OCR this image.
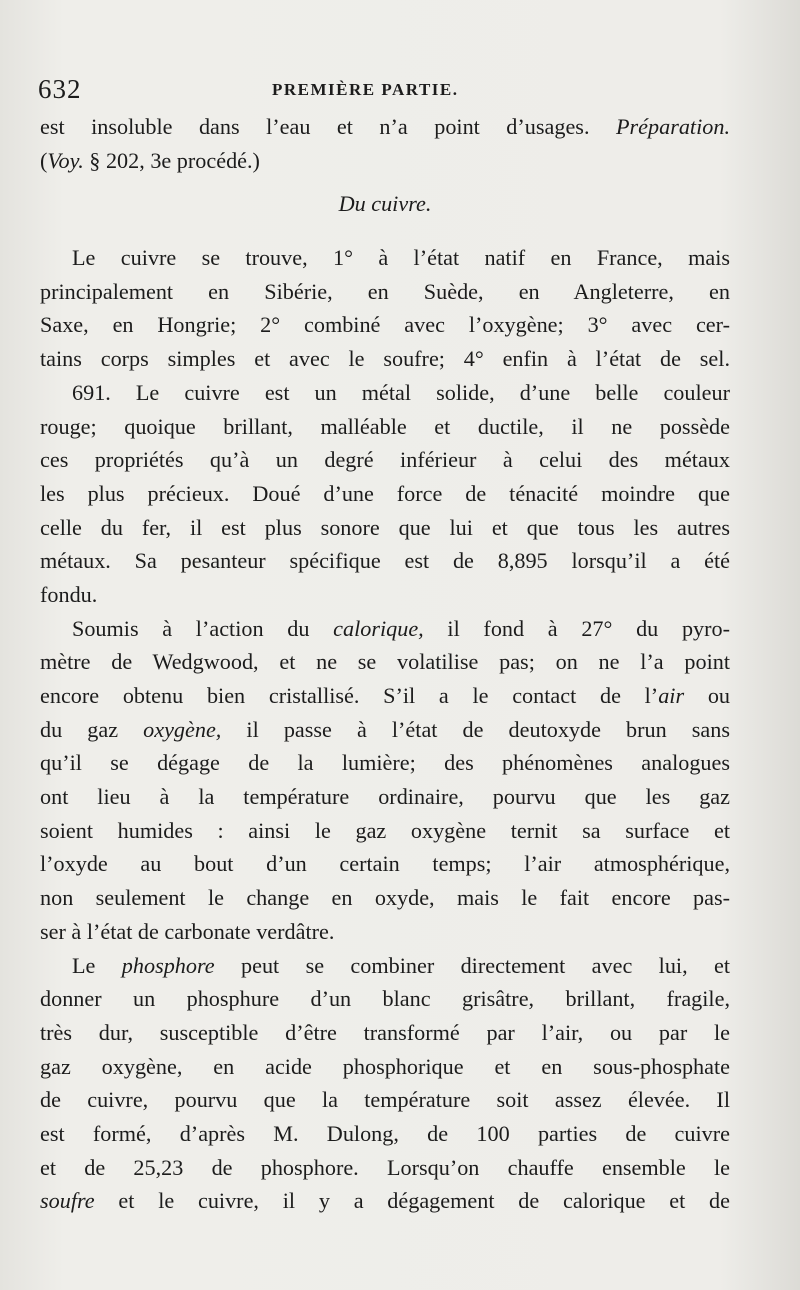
632	PREMIÈRE PARTIE.
est insoluble dans l’eau et n’a point d’usages. Préparation.
(Voy. § 202, 3e procédé.)
Du cuivre.
Le cuivre se trouve, 1° à l’état natif en France, mais
principalement en Sibérie, en Suède, en Angleterre, en
Saxe, en Hongrie; 2° combiné avec l’oxygène; 3° avec cer-
tains corps simples et avec le soufre; 4° enfin à l’état de sel.
691. Le cuivre est un métal solide, d’une belle couleur
rouge; quoique brillant, malléable et ductile, il ne possède
ces propriétés qu’à un degré inférieur à celui des métaux
les plus précieux. Doué d’une force de ténacité moindre que
celle du fer, il est plus sonore que lui et que tous les autres
métaux. Sa pesanteur spécifique est de 8,895 lorsqu’il a été
fondu.
Soumis à l’action du calorique, il fond à 27° du pyro-
mètre de Wedgwood, et ne se volatilise pas; on ne l’a point
encore obtenu bien cristallisé. S’il a le contact de l’air ou
du gaz oxygène, il passe à l’état de deutoxyde brun sans
qu’il se dégage de la lumière; des phénomènes analogues
ont lieu à la température ordinaire, pourvu que les gaz
soient humides : ainsi le gaz oxygène ternit sa surface et
l’oxyde au bout d’un certain temps; l’air atmosphérique,
non seulement le change en oxyde, mais le fait encore pas-
ser à l’état de carbonate verdâtre.
Le phosphore peut se combiner directement avec lui, et
donner un phosphure d’un blanc grisâtre, brillant, fragile,
très dur, susceptible d’être transformé par l’air, ou par le
gaz oxygène, en acide phosphorique et en sous-phosphate
de cuivre, pourvu que la température soit assez élevée. Il
est formé, d’après M. Dulong, de 100 parties de cuivre
et de 25,23 de phosphore. Lorsqu’on chauffe ensemble le
soufre et le cuivre, il y a dégagement de calorique et de
